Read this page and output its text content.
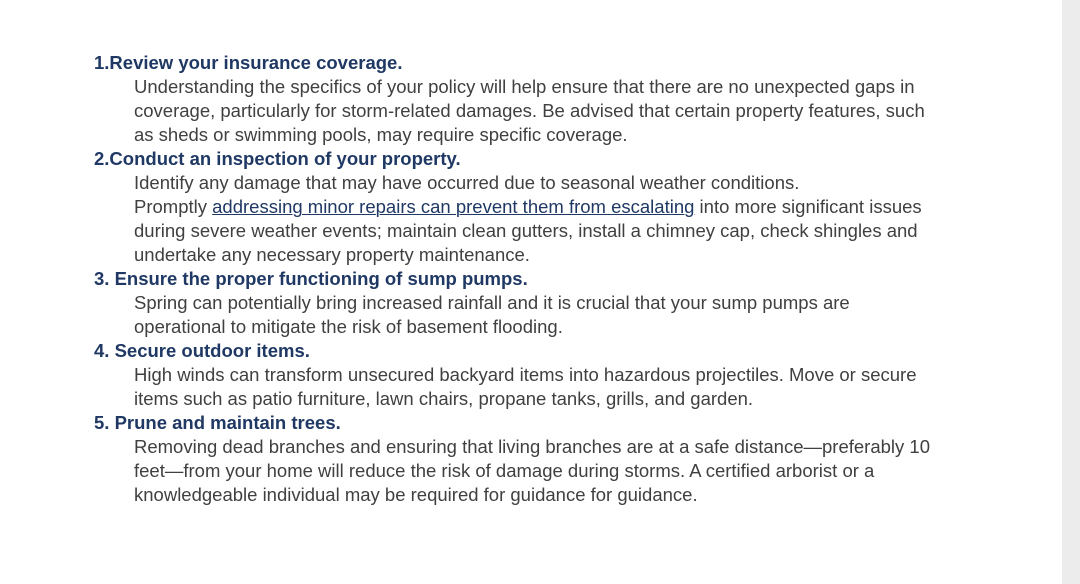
1.Review your insurance coverage.
Understanding the specifics of your policy will help ensure that there are no unexpected gaps in
coverage, particularly for storm-related damages. Be advised that certain property features, such
as sheds or swimming pools, may require specific coverage.
2.Conduct an inspection of your property.
Identify any damage that may have occurred due to seasonal weather conditions.
Promptly addressing minor repairs can prevent them from escalating into more significant issues
during severe weather events; maintain clean gutters, install a chimney cap, check shingles and
undertake any necessary property maintenance.
3. Ensure the proper functioning of sump pumps.
Spring can potentially bring increased rainfall and it is crucial that your sump pumps are
operational to mitigate the risk of basement flooding.
4. Secure outdoor items.
High winds can transform unsecured backyard items into hazardous projectiles. Move or secure
items such as patio furniture, lawn chairs, propane tanks, grills, and garden.
5. Prune and maintain trees.
Removing dead branches and ensuring that living branches are at a safe distance—preferably 10
feet—from your home will reduce the risk of damage during storms. A certified arborist or a
knowledgeable individual may be required for guidance for guidance.
